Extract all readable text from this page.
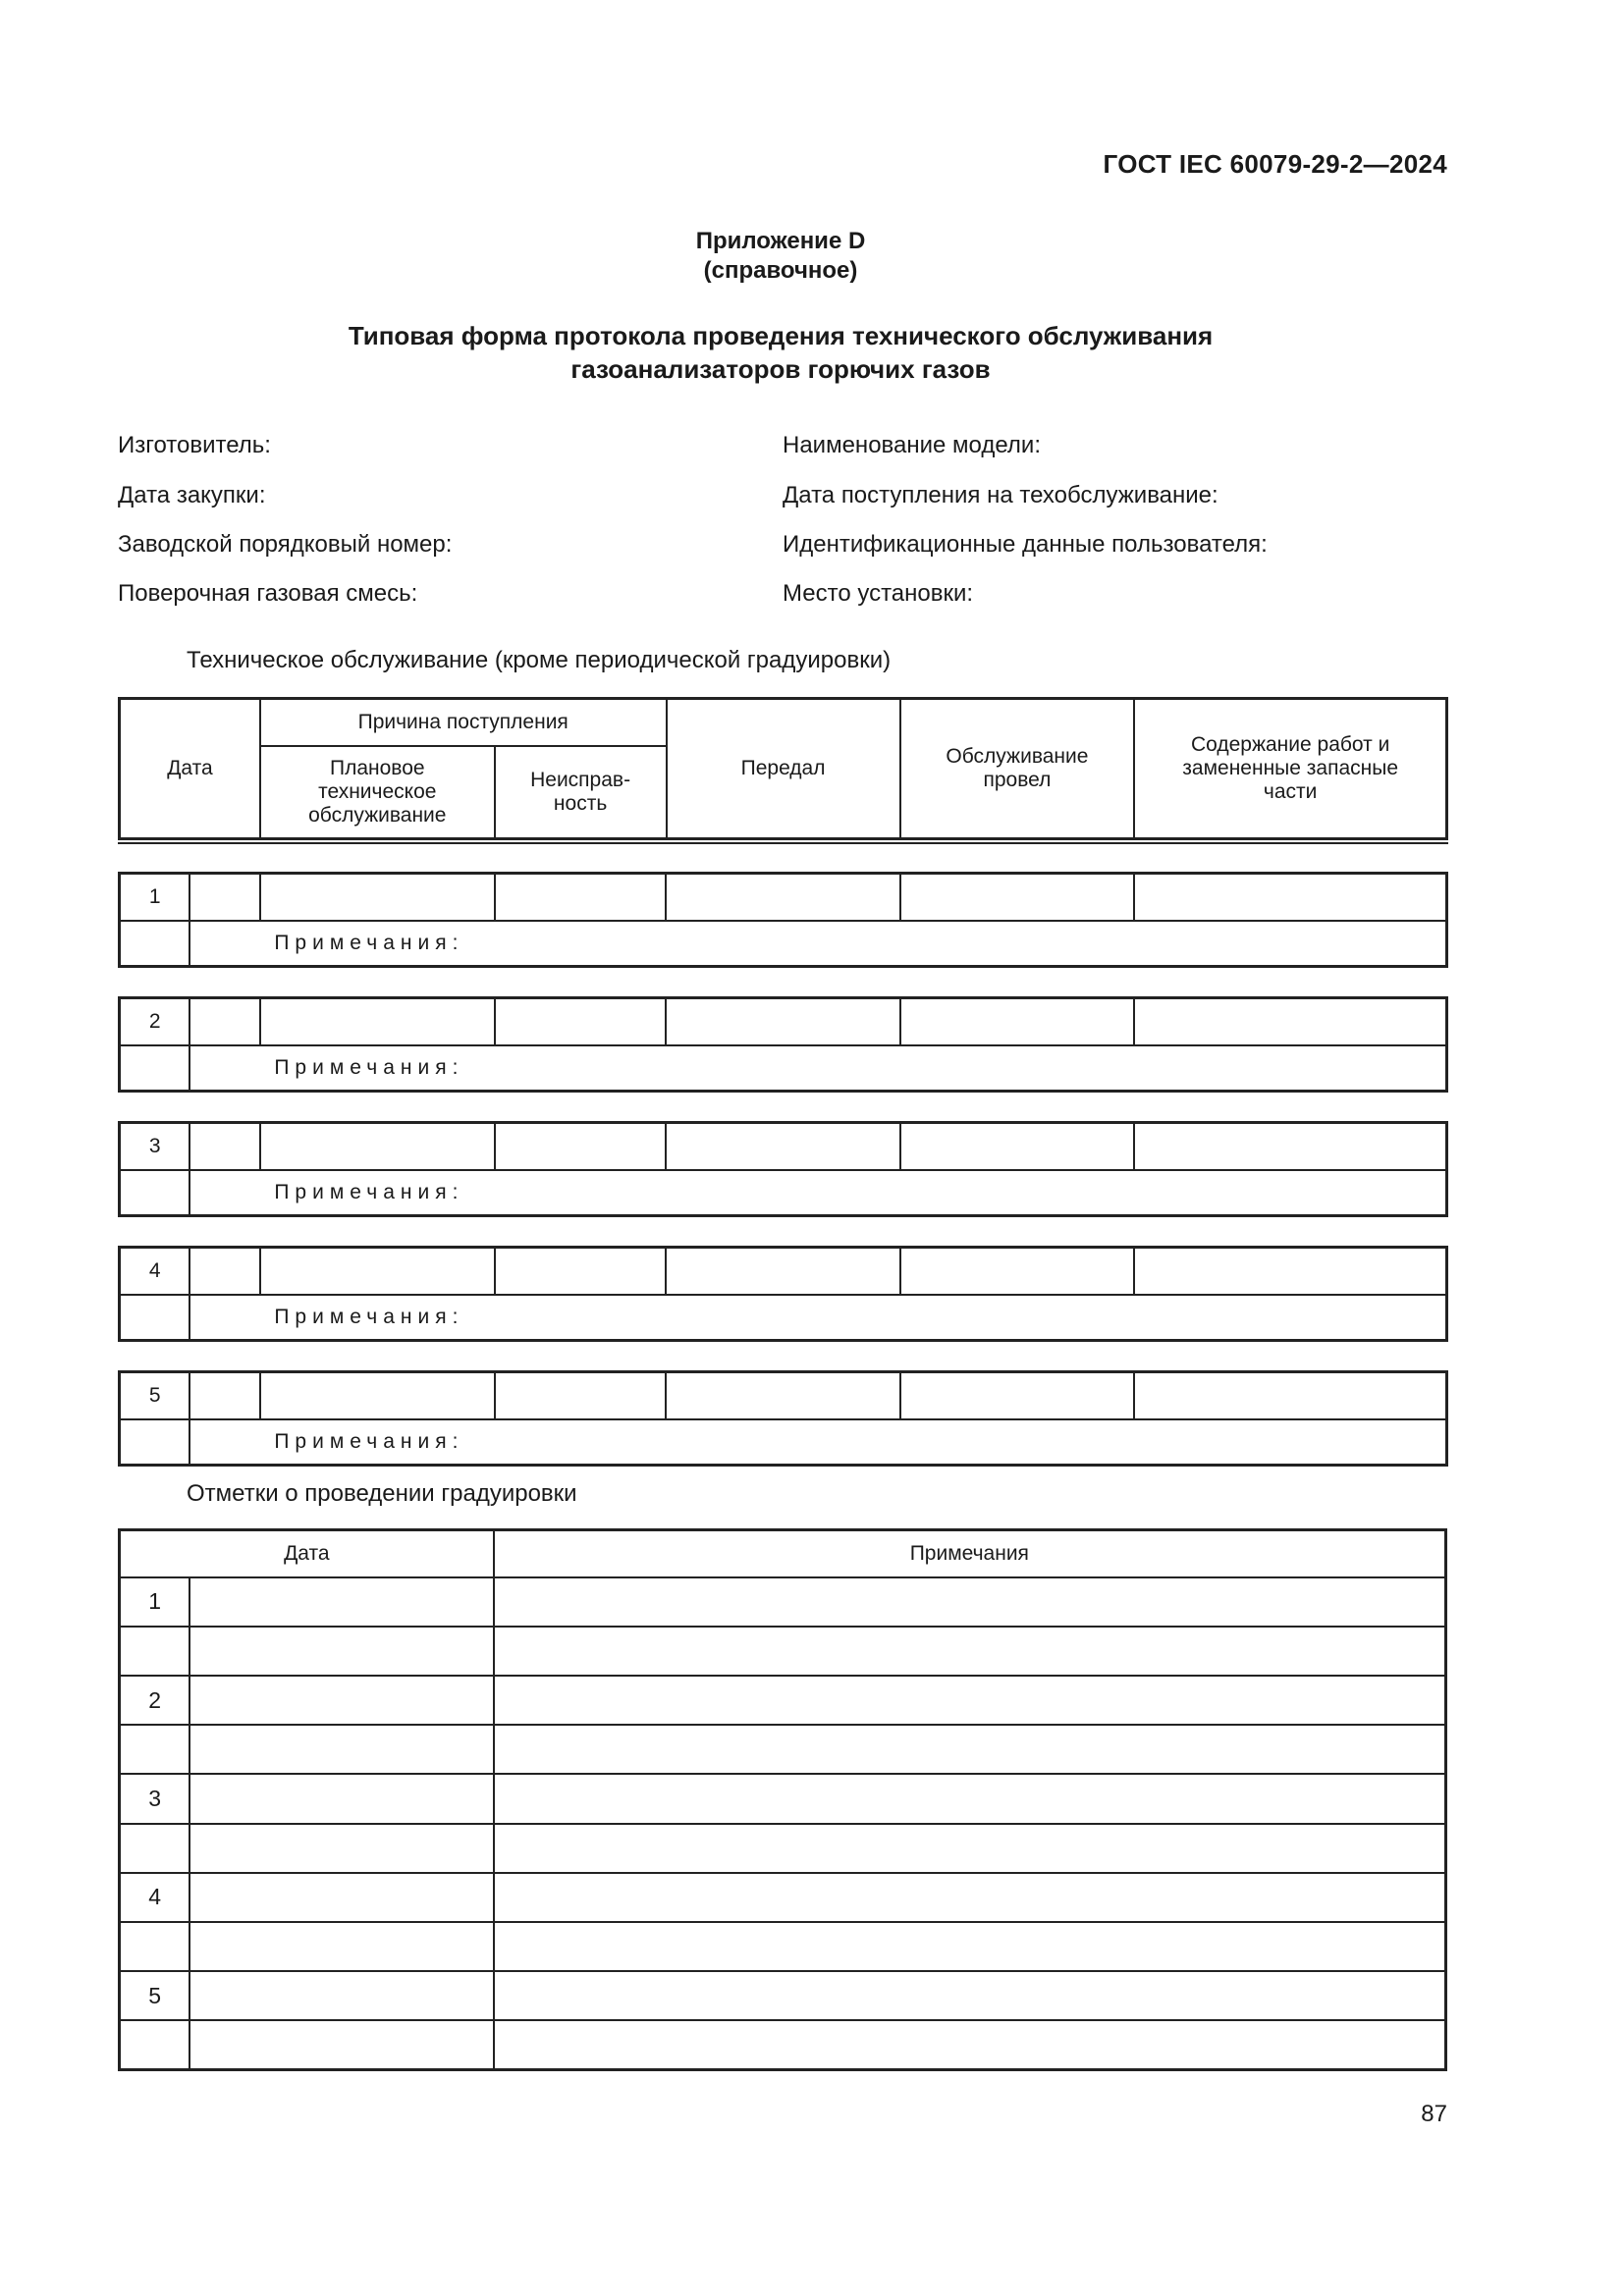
ГОСТ IEC 60079-29-2—2024
Приложение D
(справочное)
Типовая форма протокола проведения технического обслуживания
газоанализаторов горючих газов
Изготовитель:
Дата закупки:
Заводской порядковый номер:
Поверочная газовая смесь:
Наименование модели:
Дата поступления на техобслуживание:
Идентификационные данные пользователя:
Место установки:
Техническое обслуживание (кроме периодической градуировки)
Дата	Причина поступления		Передал	Обслуживание провел	Содержание работ и замененные запасные части
	Плановое техническое обслуживание	Неисправ-ность			
1						
	Примечания:					
2						
	Примечания:					
3						
	Примечания:					
4						
	Примечания:					
5						
	Примечания:					
Отметки о проведении градуировки
Дата		Примечания
1		

2		

3		

4		

5		

87
